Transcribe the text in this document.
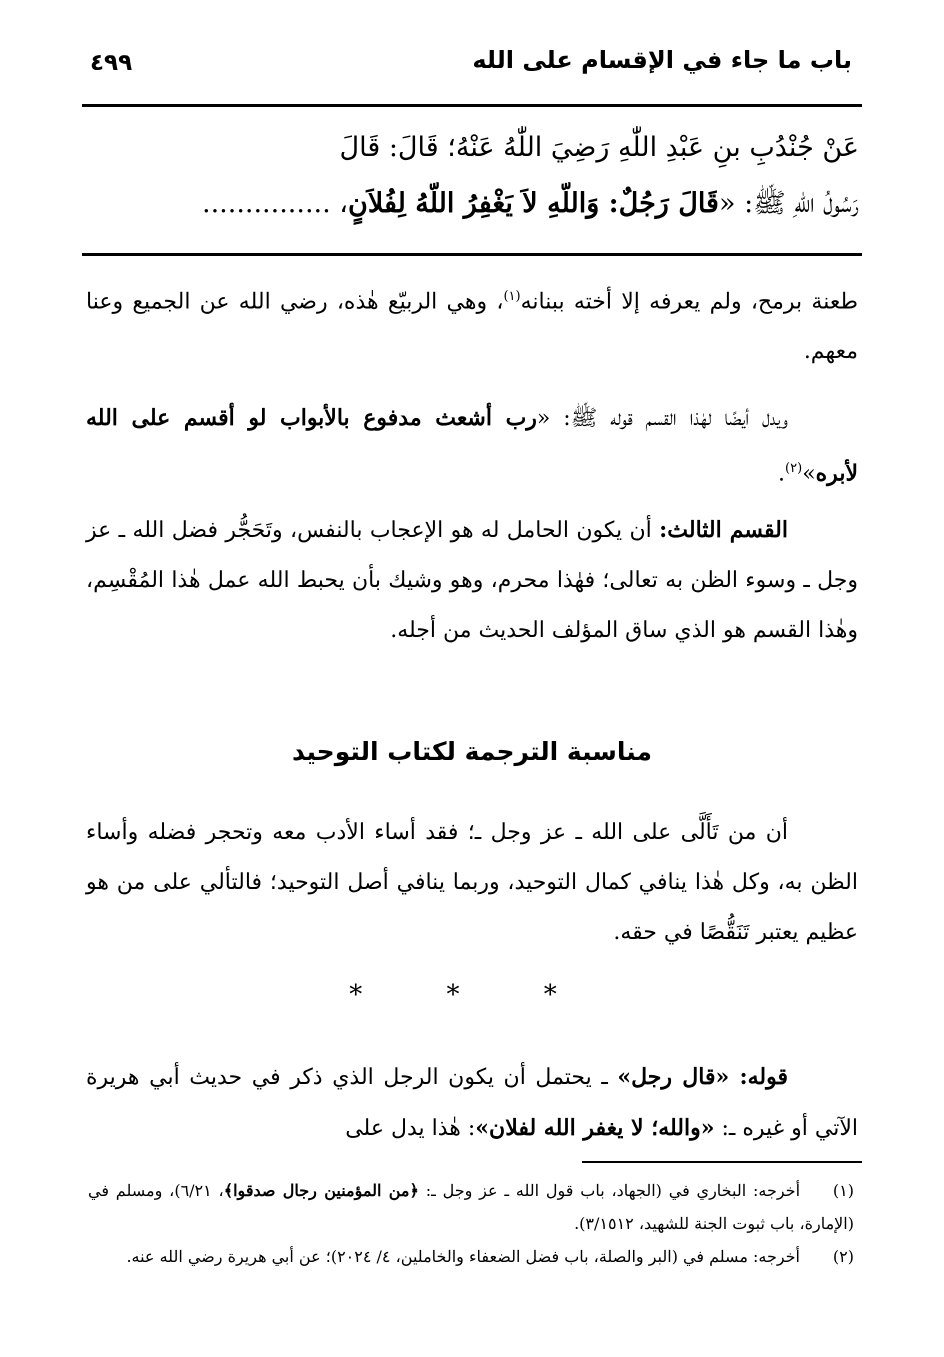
باب ما جاء في الإقسام على الله
٤٩٩
عَنْ جُنْدُبِ بنِ عَبْدِ اللّٰهِ رَضِيَ اللّٰهُ عَنْهُ؛ قَالَ: قَالَ
رَسُولُ اللّهِ ﷺ: «قَالَ رَجُلٌ: وَاللّهِ لاَ يَغْفِرُ اللّهُ لِفُلاَنٍ، ...............

طعنة برمح، ولم يعرفه إلا أخته ببنانه$^{(١)}$، وهي الربيّع هٰذه، رضي الله عن الجميع وعنا معهم.

ويدل أيضًا لهٰذا القسم قوله ﷺ: «رب أشعث مدفوع بالأبواب لو أقسم على الله لأبره»$^{(٢)}$.

القسم الثالث: أن يكون الحامل له هو الإعجاب بالنفس، وتَحَجُّر فضل الله ـ عز وجل ـ وسوء الظن به تعالى؛ فهٰذا محرم، وهو وشيك بأن يحبط الله عمل هٰذا المُقْسِم، وهٰذا القسم هو الذي ساق المؤلف الحديث من أجله.

مناسبة الترجمة لكتاب التوحيد

أن من تَأَلَّى على الله ـ عز وجل ـ؛ فقد أساء الأدب معه وتحجر فضله وأساء الظن به، وكل هٰذا ينافي كمال التوحيد، وربما ينافي أصل التوحيد؛ فالتألي على من هو عظيم يعتبر تَنَقُّصًا في حقه.

* * *

قوله: «قال رجل» ـ يحتمل أن يكون الرجل الذي ذكر في حديث أبي هريرة الآتي أو غيره ـ: «والله؛ لا يغفر الله لفلان»: هٰذا يدل على

(١)أخرجه: البخاري في (الجهاد، باب قول الله ـ عز وجل ـ: ﴿من المؤمنين رجال صدقوا﴾، ٦/٢١)، ومسلم في (الإمارة، باب ثبوت الجنة للشهيد، ٣/١٥١٢).
(٢)أخرجه: مسلم في (البر والصلة، باب فضل الضعفاء والخاملين، ٤/ ٢٠٢٤)؛ عن أبي هريرة رضي الله عنه.
